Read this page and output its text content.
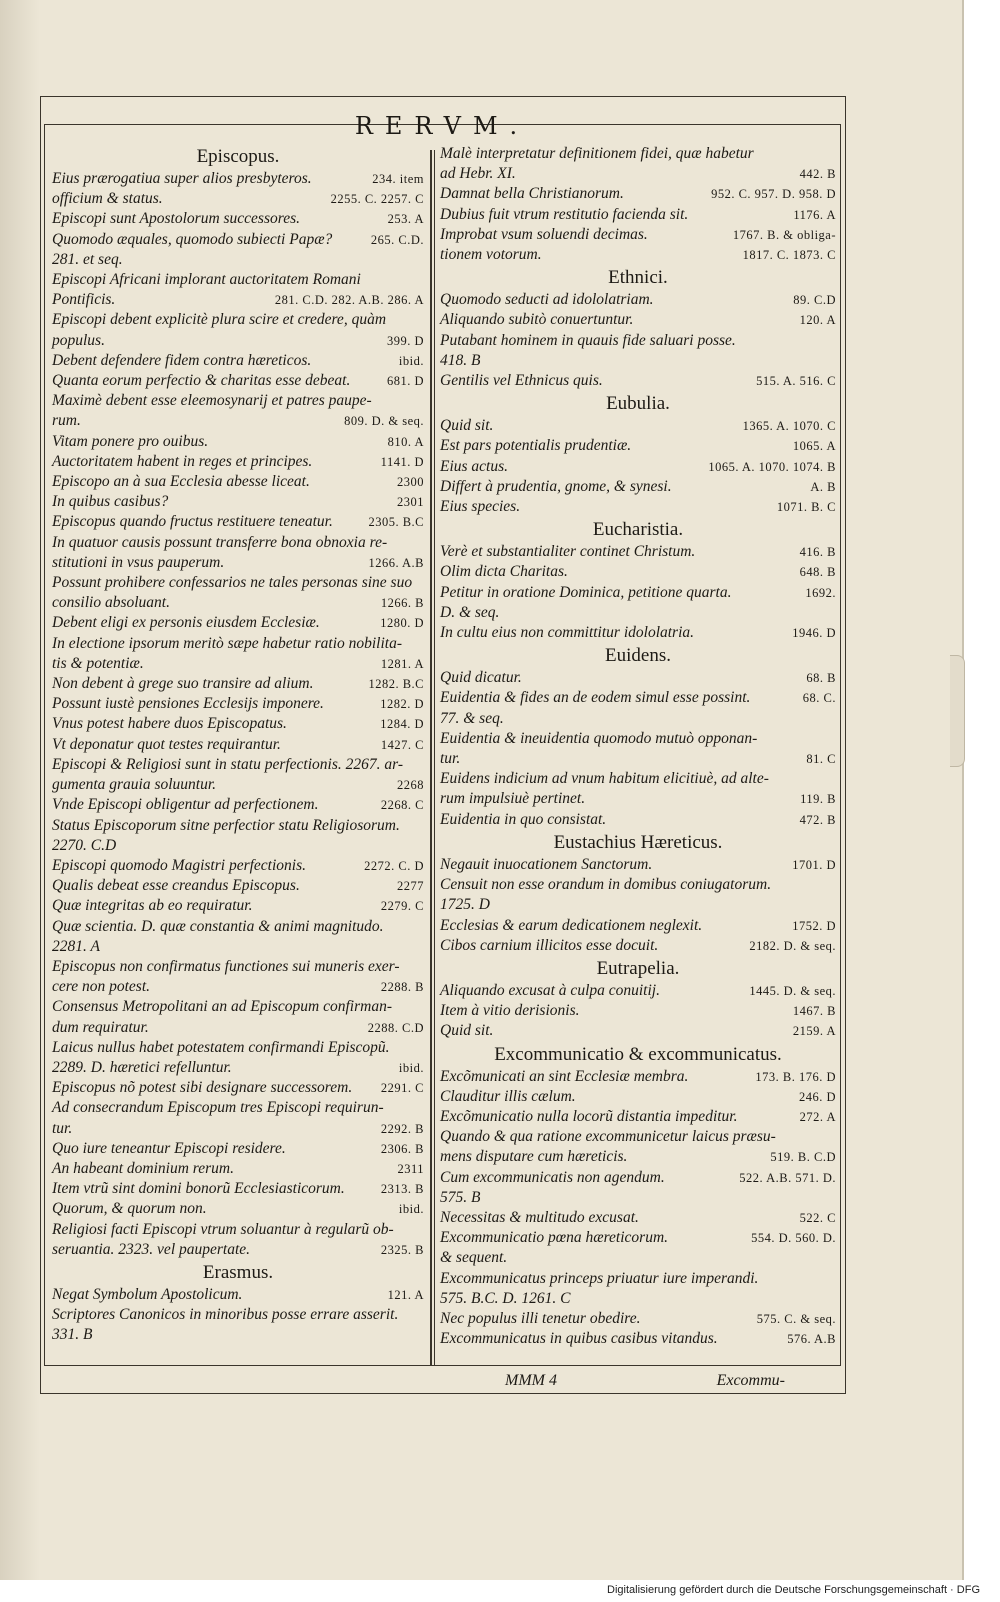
RERVM.
Episcopus.
234. item
Eius prærogatiua super alios presbyteros.
2255. C. 2257. C
officium & status.
253. A
Episcopi sunt Apostolorum successores.
265. C.D.
Quomodo æquales, quomodo subiecti Papæ?
281. et seq.
Episcopi Africani implorant auctoritatem Romani
281. C.D. 282. A.B. 286. A
Pontificis.
Episcopi debent explicitè plura scire et credere, quàm
399. D
populus.
ibid.
Debent defendere fidem contra hæreticos.
681. D
Quanta eorum perfectio & charitas esse debeat.
Maximè debent esse eleemosynarij et patres paupe-
809. D. & seq.
rum.
810. A
Vitam ponere pro ouibus.
1141. D
Auctoritatem habent in reges et principes.
2300
Episcopo an à sua Ecclesia abesse liceat.
2301
In quibus casibus?
2305. B.C
Episcopus quando fructus restituere teneatur.
In quatuor causis possunt transferre bona obnoxia re-
1266. A.B
stitutioni in vsus pauperum.
Possunt prohibere confessarios ne tales personas sine suo
1266. B
consilio absoluant.
1280. D
Debent eligi ex personis eiusdem Ecclesiæ.
In electione ipsorum meritò sæpe habetur ratio nobilita-
1281. A
tis & potentiæ.
1282. B.C
Non debent à grege suo transire ad alium.
1282. D
Possunt iustè pensiones Ecclesijs imponere.
1284. D
Vnus potest habere duos Episcopatus.
1427. C
Vt deponatur quot testes requirantur.
Episcopi & Religiosi sunt in statu perfectionis. 2267. ar-
2268
gumenta grauia soluuntur.
2268. C
Vnde Episcopi obligentur ad perfectionem.
Status Episcoporum sitne perfectior statu Religiosorum.
2270. C.D
2272. C. D
Episcopi quomodo Magistri perfectionis.
2277
Qualis debeat esse creandus Episcopus.
2279. C
Quæ integritas ab eo requiratur.
Quæ scientia. D. quæ constantia & animi magnitudo.
2281. A
Episcopus non confirmatus functiones sui muneris exer-
2288. B
cere non potest.
Consensus Metropolitani an ad Episcopum confirman-
2288. C.D
dum requiratur.
Laicus nullus habet potestatem confirmandi Episcopũ.
ibid.
2289. D. hæretici refelluntur.
2291. C
Episcopus nõ potest sibi designare successorem.
Ad consecrandum Episcopum tres Episcopi requirun-
2292. B
tur.
2306. B
Quo iure teneantur Episcopi residere.
2311
An habeant dominium rerum.
2313. B
Item vtrũ sint domini bonorũ Ecclesiasticorum.
ibid.
Quorum, & quorum non.
Religiosi facti Episcopi vtrum soluantur à regularũ ob-
2325. B
seruantia. 2323. vel paupertate.
Erasmus.
121. A
Negat Symbolum Apostolicum.
Scriptores Canonicos in minoribus posse errare asserit.
331. B
Malè interpretatur definitionem fidei, quæ habetur
442. B
ad Hebr. XI.
952. C. 957. D. 958. D
Damnat bella Christianorum.
1176. A
Dubius fuit vtrum restitutio facienda sit.
1767. B. & obliga-
Improbat vsum soluendi decimas.
1817. C. 1873. C
tionem votorum.
Ethnici.
89. C.D
Quomodo seducti ad idololatriam.
120. A
Aliquando subitò conuertuntur.
Putabant hominem in quauis fide saluari posse.
418. B
515. A. 516. C
Gentilis vel Ethnicus quis.
Eubulia.
1365. A. 1070. C
Quid sit.
1065. A
Est pars potentialis prudentiæ.
1065. A. 1070. 1074. B
Eius actus.
A. B
Differt à prudentia, gnome, & synesi.
1071. B. C
Eius species.
Eucharistia.
416. B
Verè et substantialiter continet Christum.
648. B
Olim dicta Charitas.
1692.
Petitur in oratione Dominica, petitione quarta.
D. & seq.
1946. D
In cultu eius non committitur idololatria.
Euidens.
68. B
Quid dicatur.
68. C.
Euidentia & fides an de eodem simul esse possint.
77. & seq.
Euidentia & ineuidentia quomodo mutuò opponan-
81. C
tur.
Euidens indicium ad vnum habitum elicitiuè, ad alte-
119. B
rum impulsiuè pertinet.
472. B
Euidentia in quo consistat.
Eustachius Hæreticus.
1701. D
Negauit inuocationem Sanctorum.
Censuit non esse orandum in domibus coniugatorum.
1725. D
1752. D
Ecclesias & earum dedicationem neglexit.
2182. D. & seq.
Cibos carnium illicitos esse docuit.
Eutrapelia.
1445. D. & seq.
Aliquando excusat à culpa conuitij.
1467. B
Item à vitio derisionis.
2159. A
Quid sit.
Excommunicatio & excommunicatus.
173. B. 176. D
Excõmunicati an sint Ecclesiæ membra.
246. D
Clauditur illis cælum.
272. A
Excõmunicatio nulla locorũ distantia impeditur.
Quando & qua ratione excommunicetur laicus præsu-
519. B. C.D
mens disputare cum hæreticis.
522. A.B. 571. D.
Cum excommunicatis non agendum.
575. B
522. C
Necessitas & multitudo excusat.
554. D. 560. D.
Excommunicatio pœna hæreticorum.
& sequent.
Excommunicatus princeps priuatur iure imperandi.
575. B.C. D. 1261. C
575. C. & seq.
Nec populus illi tenetur obedire.
576. A.B
Excommunicatus in quibus casibus vitandus.
MMM 4	Excommu-
Digitalisierung gefördert durch die Deutsche Forschungsgemeinschaft · DFG
